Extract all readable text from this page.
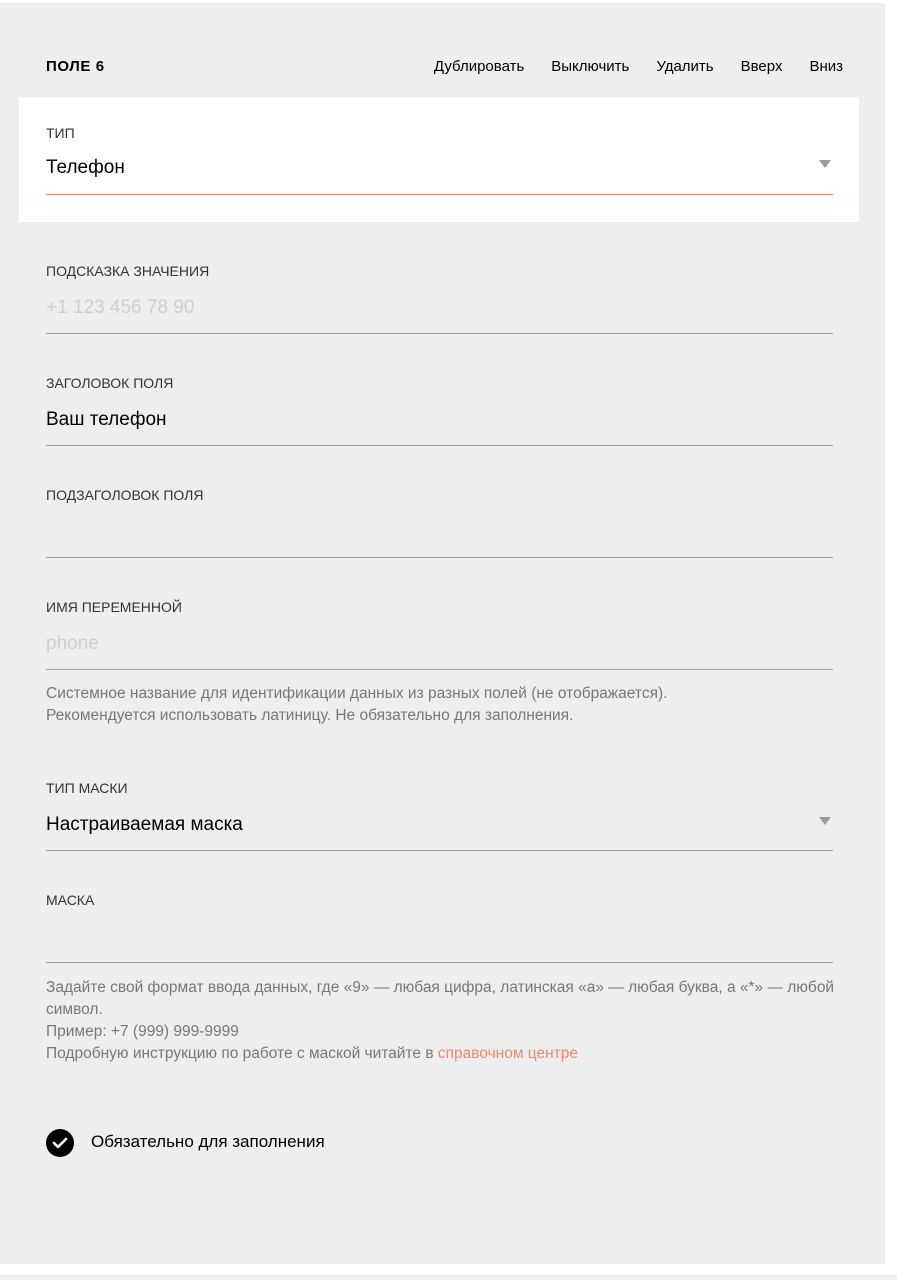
ПОЛЕ 6	Дублировать Выключить Удалить Вверх Вниз
ТИП
Телефон
ПОДСКАЗКА ЗНАЧЕНИЯ
+1 123 456 78 90
ЗАГОЛОВОК ПОЛЯ
Ваш телефон
ПОДЗАГОЛОВОК ПОЛЯ
ИМЯ ПЕРЕМЕННОЙ
phone

Системное название для идентификации данных из разных полей (не отображается).

Рекомендуется использовать латиницу. Не обязательно для заполнения.

ТИП МАСКИ
Настраиваемая маска
МАСКА

Задайте свой формат ввода данных, где «9» — любая цифра, латинская «a» — любая буква, а «*» — любой символ.

Пример: +7 (999) 999-9999

Подробную инструкцию по работе с маской читайте в справочном центре

Обязательно для заполнения
